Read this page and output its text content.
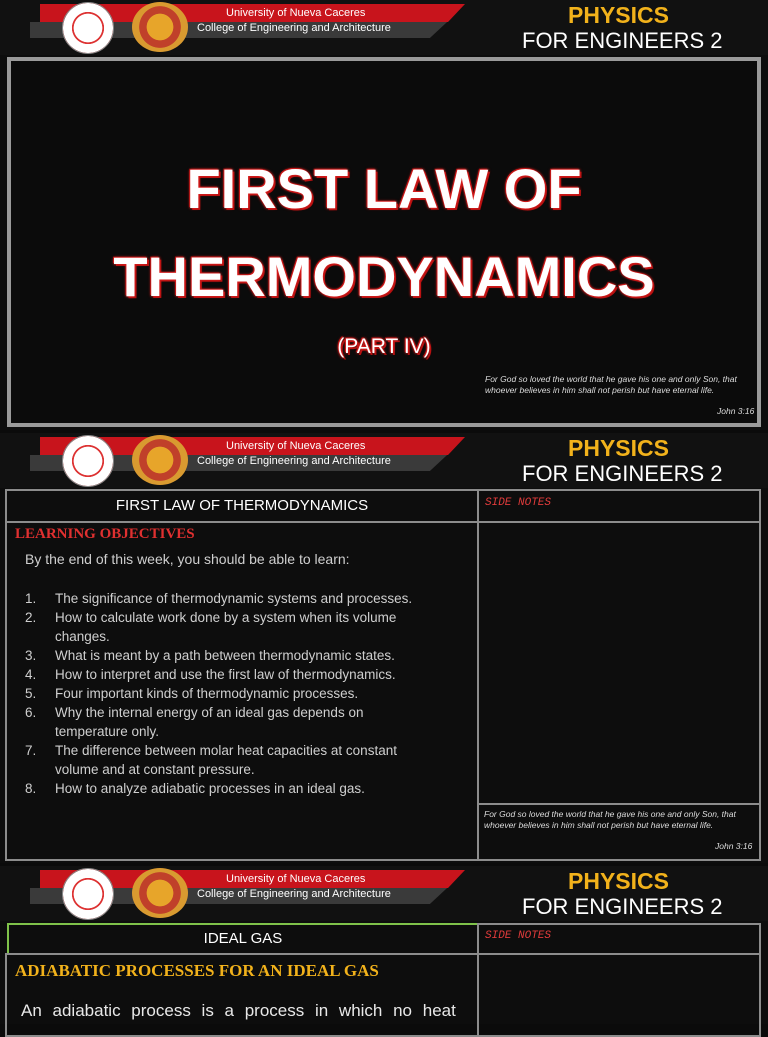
University of Nueva Caceres
College of Engineering and Architecture	PHYSICS
FOR ENGINEERS 2
FIRST LAW OF
THERMODYNAMICS
(PART IV)
For God so loved the world that he gave his one and only Son, that whoever believes in him shall not perish but have eternal life.
John 3:16
University of Nueva Caceres
College of Engineering and Architecture	PHYSICS
FOR ENGINEERS 2
FIRST LAW OF THERMODYNAMICS	SIDE NOTES
LEARNING OBJECTIVES
By the end of this week, you should be able to learn:
1. The significance of thermodynamic systems and processes.
2. How to calculate work done by a system when its volume
changes.
3. What is meant by a path between thermodynamic states.
4. How to interpret and use the first law of thermodynamics.
5. Four important kinds of thermodynamic processes.
6. Why the internal energy of an ideal gas depends on
temperature only.
7. The difference between molar heat capacities at constant
volume and at constant pressure.
8. How to analyze adiabatic processes in an ideal gas.
For God so loved the world that he gave his one and only Son, that whoever believes in him shall not perish but have eternal life.
John 3:16
University of Nueva Caceres
College of Engineering and Architecture	PHYSICS
FOR ENGINEERS 2
IDEAL GAS	SIDE NOTES
ADIABATIC PROCESSES FOR AN IDEAL GAS
An adiabatic process is a process in which no heat
